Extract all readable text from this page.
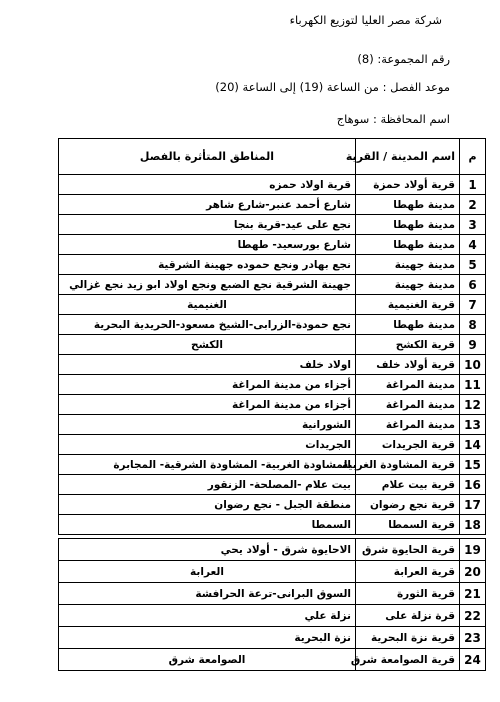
شركة مصر العليا لتوزيع الكهرباء
رقم المجموعة: (8)
موعد الفصل : من الساعة (19) إلى الساعة (20)
اسم المحافظة : سوهاج
م	اسم المدينة / القرية	المناطق المتأثرة بالفصل
1	قرية أولاد حمزة	قرية اولاد حمزه
2	مدينة طهطا	شارع أحمد عنبر-شارع شاهر
3	مدينة طهطا	نجع على عيد-قرية بنجا
4	مدينة طهطا	شارع بورسعيد- طهطا
5	مدينة جهينة	نجع بهادر ونجع حموده جهينة الشرقية
6	مدينة جهينة	جهينة الشرقية نجع الضبع ونجع اولاد ابو زيد نجع غزالي
7	قرية الغنيمية	الغنيمية
8	مدينة طهطا	نجع حمودة-الزرابى-الشيخ مسعود-الحريدية البحرية
9	قرية الكشح	الكشح
10	قرية أولاد خلف	اولاد خلف
11	مدينة المراغة	أجزاء من مدينة المراغة
12	مدينة المراغة	أجزاء من مدينة المراغة
13	مدينة المراغة	الشورانية
14	قرية الجريدات	الجريدات
15	قرية المشاودة الغربية	المشاودة الغربية- المشاودة الشرقية- المجابرة
16	قرية بيت علام	بيت علام -المصلحة- الزنقور
17	قرية نجع رضوان	منطقة الجبل - نجع رضوان
18	قرية السمطا	السمطا
19	قرية الحايوة شرق	الاحايوة شرق - أولاد يحي
20	قرية العرابة	العرابة
21	قرية الثورة	السوق البرانى-ترعة الحرافشة
22	قرة نزلة على	نزلة علي
23	قرية نزة البحرية	نزة البحرية
24	قرية الصوامعة شرق	الصوامعة شرق
